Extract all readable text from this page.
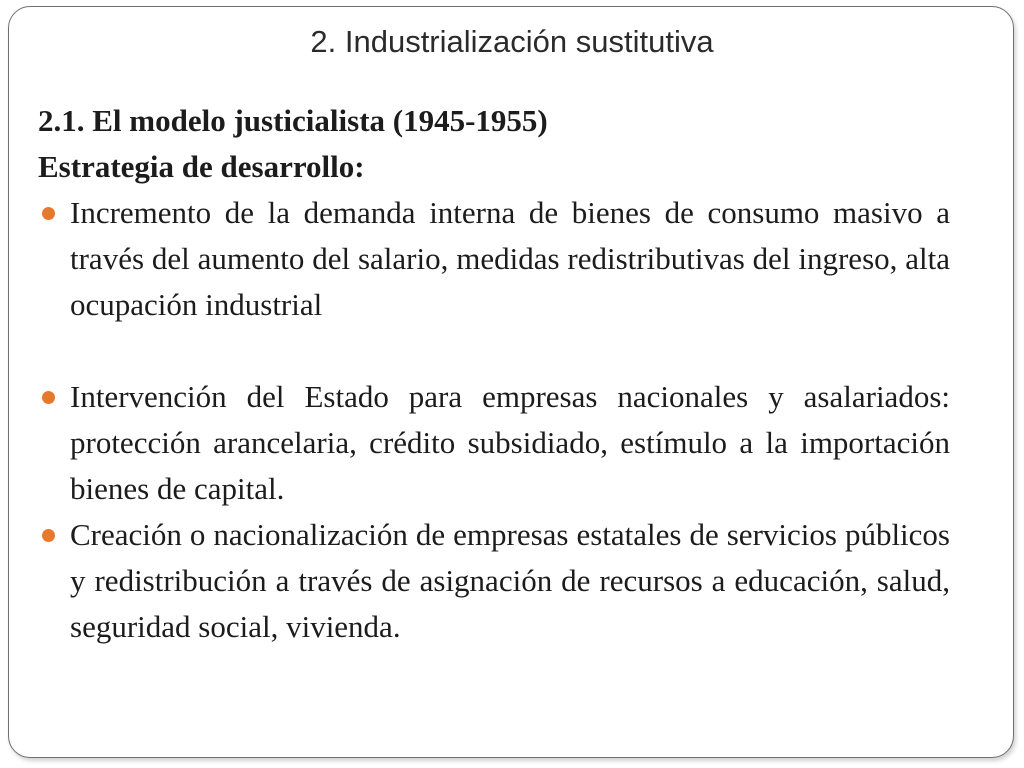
2. Industrialización sustitutiva

2.1. El modelo justicialista (1945-1955)

Estrategia de desarrollo:

Incremento de la demanda interna de bienes de consumo masivo a través del aumento del salario, medidas redistributivas del ingreso, alta ocupación industrial
Intervención del Estado para empresas nacionales y asalariados: protección arancelaria, crédito subsidiado, estímulo a la importación bienes de capital.
Creación o nacionalización de empresas estatales de servicios públicos y redistribución a través de asignación de recursos a educación, salud, seguridad social, vivienda.
